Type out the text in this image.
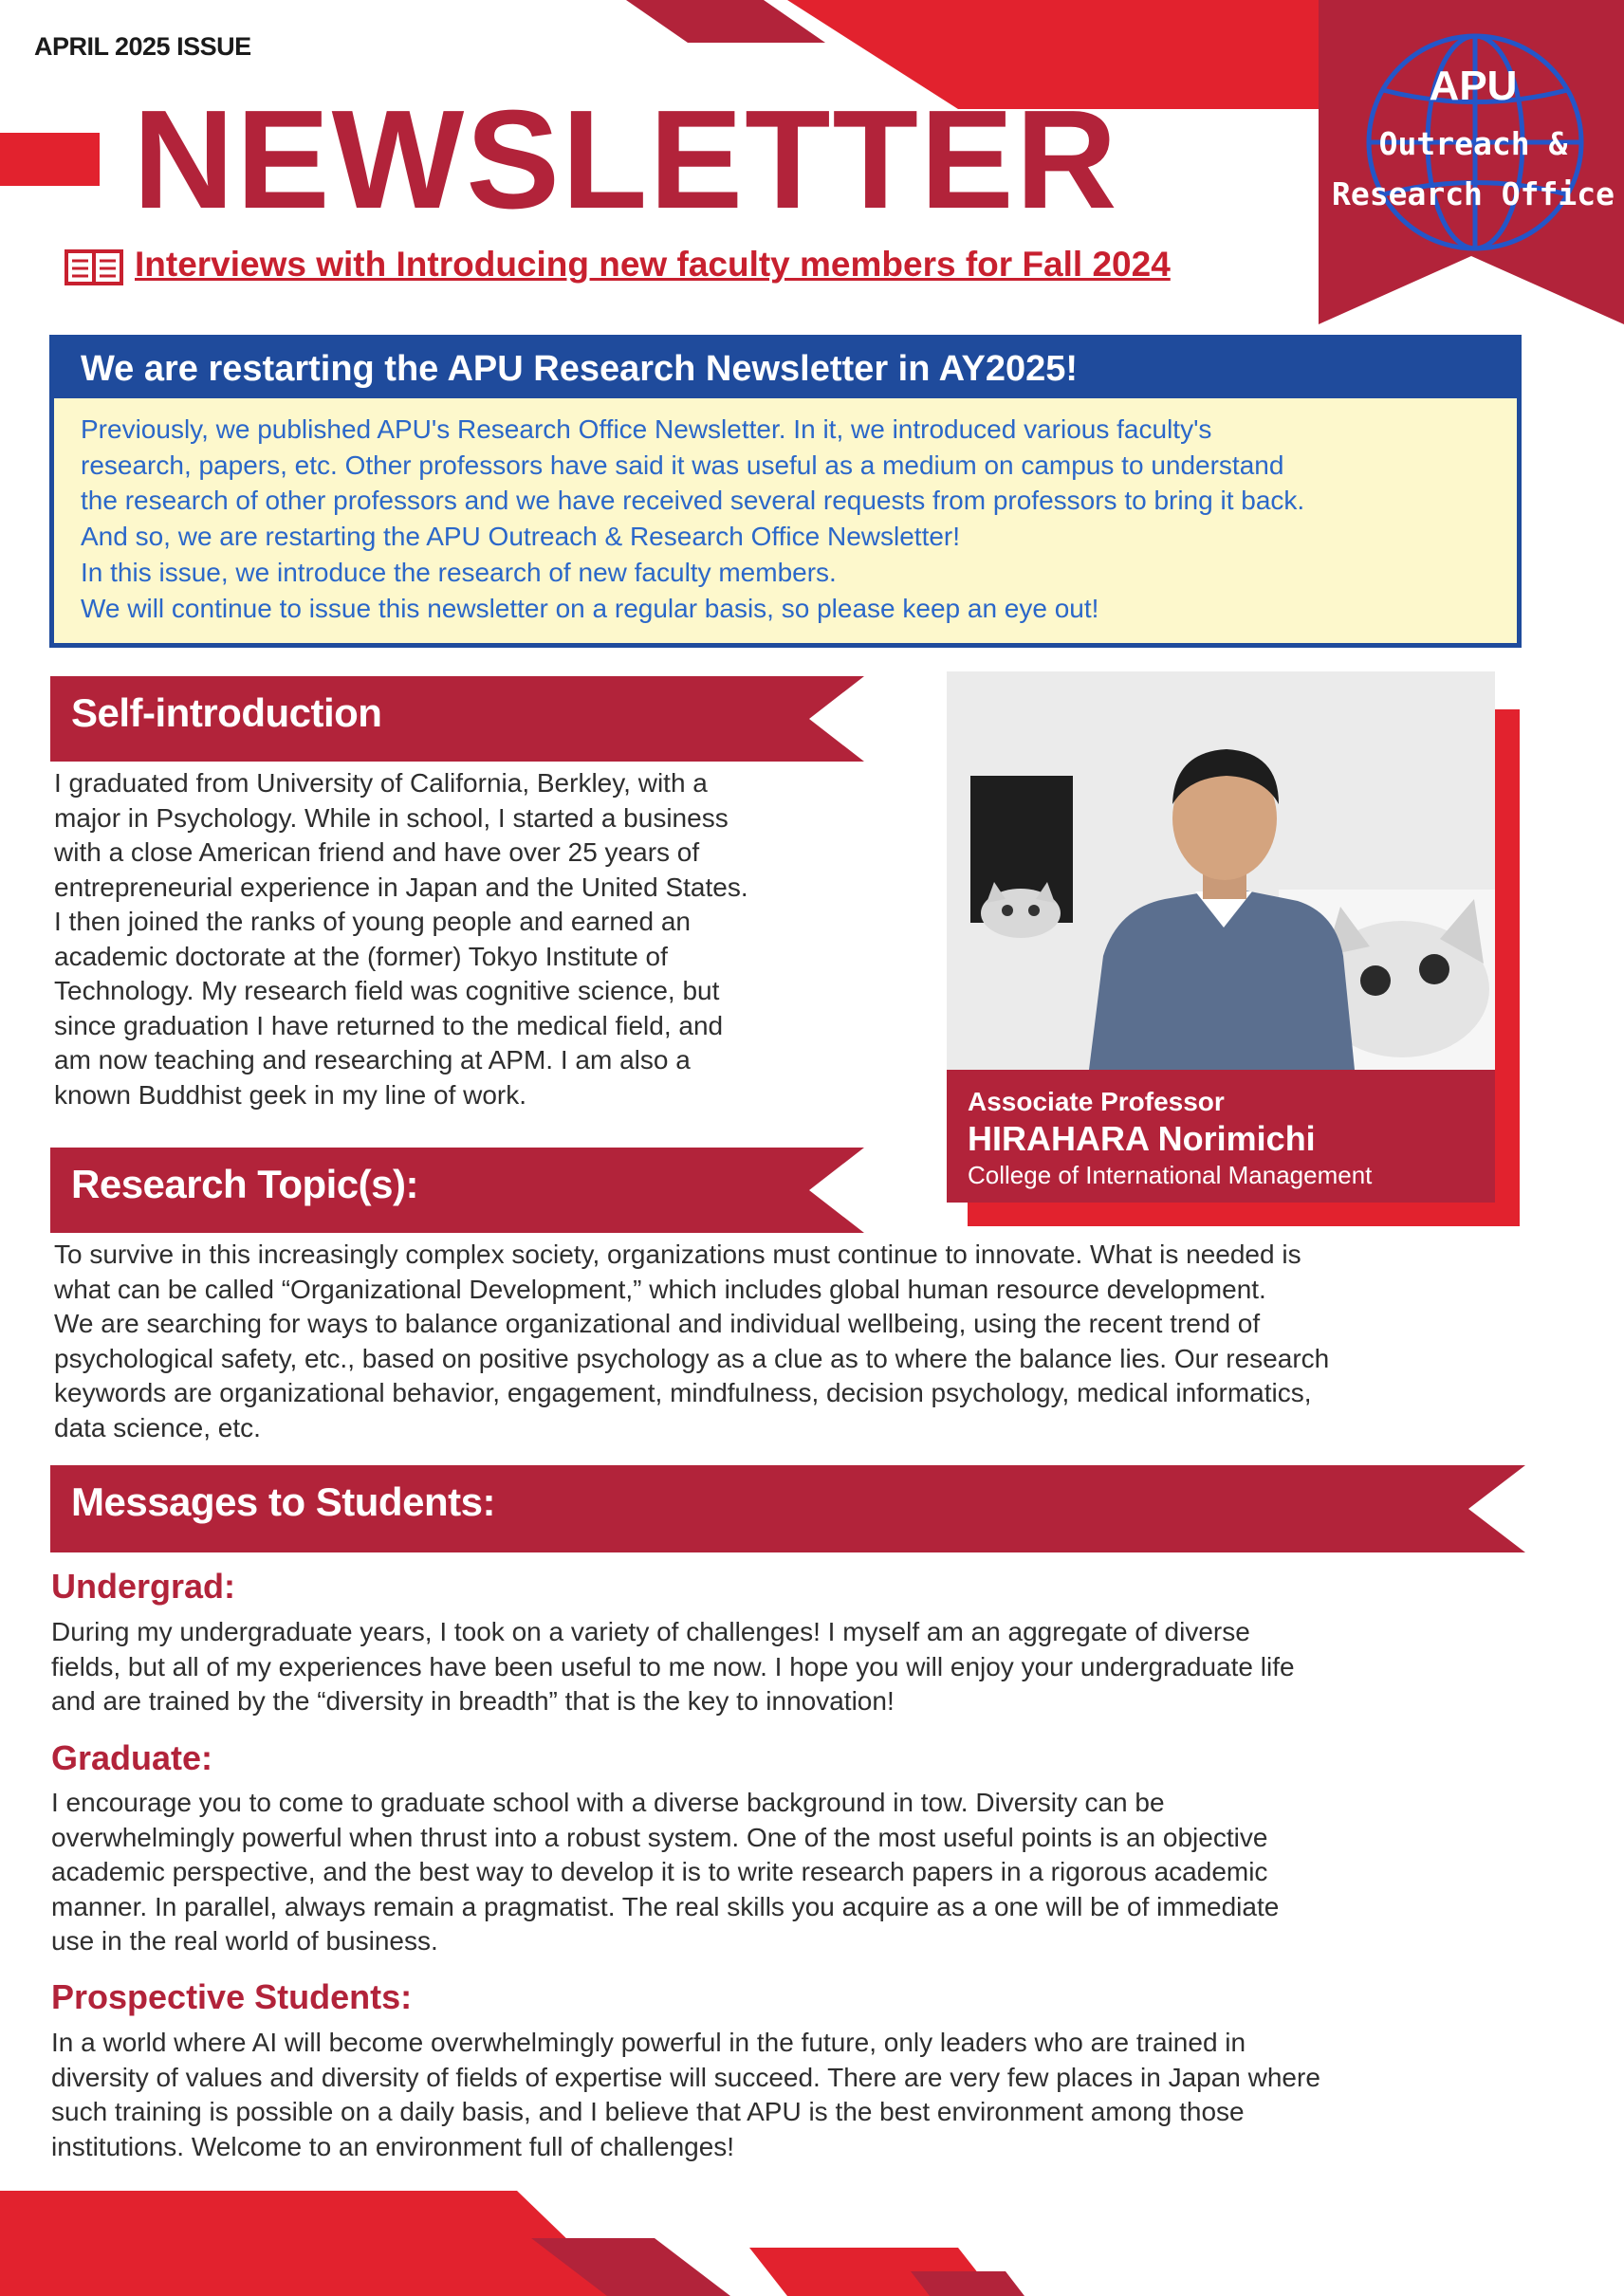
APU
Outreach &
Research Office
APRIL 2025 ISSUE
NEWSLETTER
Interviews with Introducing new faculty members for Fall 2024
We are restarting the APU Research Newsletter in AY2025!

Previously, we published APU's Research Office Newsletter. In it, we introduced various faculty's

research, papers, etc. Other professors have said it was useful as a medium on campus to understand

the research of other professors and we have received several requests from professors to bring it back.

And so, we are restarting the APU Outreach & Research Office Newsletter!

In this issue, we introduce the research of new faculty members.

We will continue to issue this newsletter on a regular basis, so please keep an eye out!

Self-introduction

I graduated from University of California, Berkley, with a

major in Psychology. While in school, I started a business

with a close American friend and have over 25 years of

entrepreneurial experience in Japan and the United States.

I then joined the ranks of young people and earned an

academic doctorate at the (former) Tokyo Institute of

Technology. My research field was cognitive science, but

since graduation I have returned to the medical field, and

am now teaching and researching at APM. I am also a

known Buddhist geek in my line of work.	Associate Professor
HIRAHARA Norimichi
College of International Management
Research Topic(s):

To survive in this increasingly complex society, organizations must continue to innovate. What is needed is

what can be called “Organizational Development,” which includes global human resource development.

We are searching for ways to balance organizational and individual wellbeing, using the recent trend of

psychological safety, etc., based on positive psychology as a clue as to where the balance lies. Our research

keywords are organizational behavior, engagement, mindfulness, decision psychology, medical informatics,

data science, etc.

Messages to Students:
Undergrad:

During my undergraduate years, I took on a variety of challenges! I myself am an aggregate of diverse

fields, but all of my experiences have been useful to me now. I hope you will enjoy your undergraduate life

and are trained by the “diversity in breadth” that is the key to innovation!

Graduate:

I encourage you to come to graduate school with a diverse background in tow. Diversity can be

overwhelmingly powerful when thrust into a robust system. One of the most useful points is an objective

academic perspective, and the best way to develop it is to write research papers in a rigorous academic

manner. In parallel, always remain a pragmatist. The real skills you acquire as a one will be of immediate

use in the real world of business.

Prospective Students:

In a world where AI will become overwhelmingly powerful in the future, only leaders who are trained in

diversity of values and diversity of fields of expertise will succeed. There are very few places in Japan where

such training is possible on a daily basis, and I believe that APU is the best environment among those

institutions. Welcome to an environment full of challenges!
